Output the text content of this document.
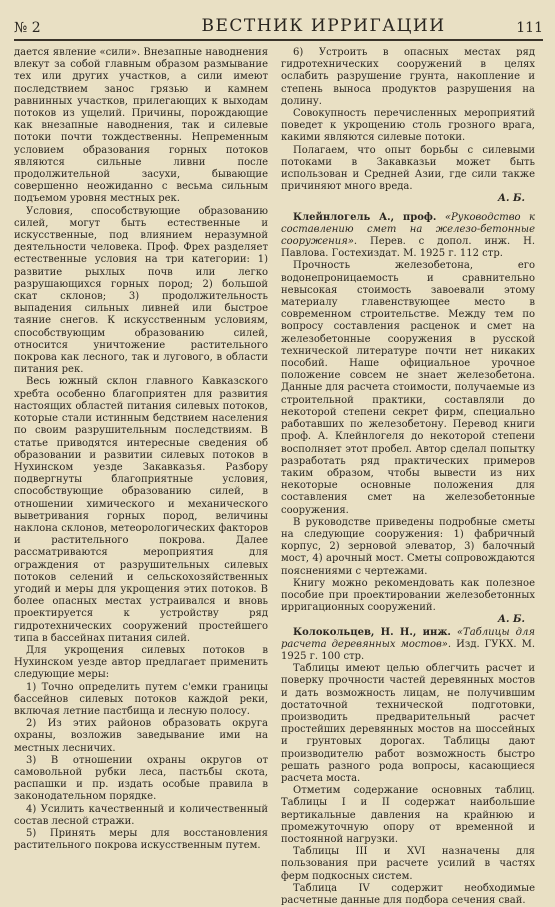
№ 2	ВЕСТНИК ИРРИГАЦИИ	111

дается явление «сили». Внезапные наводнения влекут за собой главным образом размывание тех или других участков, а сили имеют последствием занос грязью и камнем равнинных участков, прилегающих к выходам потоков из ущелий. Причины, порождающие как внезапные наводнения, так и силевые потоки почти тождественны. Непременным условием образования горных потоков являются сильные ливни после продолжительной засухи, бывающие совершенно неожиданно с весьма сильным подъемом уровня местных рек.

Условия, способствующие образованию силей, могут быть естественные и искусственные, под влиянием неразумной деятельности человека. Проф. Фрех разделяет естественные условия на три категории: 1) развитие рыхлых почв или легко разрушающихся горных пород; 2) большой скат склонов; 3) продолжительность выпадения сильных ливней или быстрое таяние снегов. К искусственным условиям, способствующим образованию силей, относится уничтожение растительного покрова как лесного, так и лугового, в области питания рек.

Весь южный склон главного Кавказского хребта особенно благоприятен для развития настоящих областей питания силевых потоков, которые стали истинным бедствием населения по своим разрушительным последствиям. В статье приводятся интересные сведения об образовании и развитии силевых потоков в Нухинском уезде Закавказья. Разбору подвергнуты благоприятные условия, способствующие образованию силей, в отношении химического и механического выветривания горных пород, величины наклона склонов, метеорологических факторов и растительного покрова. Далее рассматриваются мероприятия для ограждения от разрушительных силевых потоков селений и сельскохозяйственных угодий и меры для укрощения этих потоков. В более опасных местах устраивался и вновь проектируется к устройству ряд гидротехнических сооружений простейшего типа в бассейнах питания силей.

Для укрощения силевых потоков в Нухинском уезде автор предлагает применить следующие меры:

1) Точно определить путем с'емки границы бассейнов силевых потоков каждой реки, включая летние пастбища и лесную полосу.
2) Из этих районов образовать округа охраны, возложив заведывание ими на местных лесничих.
3) В отношении охраны округов от самовольной рубки леса, пастьбы скота, распашки и пр. издать особые правила в законодательном порядке.
4) Усилить качественный и количественный состав лесной стражи.
5) Принять меры для восстановления растительного покрова искусственным путем.
6) Устроить в опасных местах ряд гидротехнических сооружений в целях ослабить разрушение грунта, накопление и степень выноса продуктов разрушения на долину.

Совокупность перечисленных мероприятий поведет к укрощению столь грозного врага, какими являются силевые потоки.

Полагаем, что опыт борьбы с силевыми потоками в Закавказьи может быть использован и Средней Азии, где сили также причиняют много вреда.

А. Б.

Клейнлогель А., проф. «Руководство к составлению смет на железо-бетонные сооружения». Перев. с допол. инж. Н. Павлова. Гостехиздат. М. 1925 г. 112 стр.

Прочность железобетона, его водонепроницаемость и сравнительно невысокая стоимость завоевали этому материалу главенствующее место в современном строительстве. Между тем по вопросу составления расценок и смет на железобетонные сооружения в русской технической литературе почти нет никаких пособий. Наше официальное урочное положение совсем не знает железобетона. Данные для расчета стоимости, получаемые из строительной практики, составляли до некоторой степени секрет фирм, специально работавших по железобетону. Перевод книги проф. А. Клейнлогеля до некоторой степени восполняет этот пробел. Автор сделал попытку разработать ряд практических примеров таким образом, чтобы вывести из них некоторые основные положения для составления смет на железобетонные сооружения.

В руководстве приведены подробные сметы на следующие сооружения: 1) фабричный корпус, 2) зерновой элеватор, 3) балочный мост, 4) арочный мост. Сметы сопровождаются пояснениями с чертежами.

Книгу можно рекомендовать как полезное пособие при проектировании железобетонных ирригационных сооружений.

А. Б.

Колокольцев, Н. Н., инж. «Таблицы для расчета деревянных мостов». Изд. ГУКХ. М. 1925 г. 100 стр.

Таблицы имеют целью облегчить расчет и поверку прочности частей деревянных мостов и дать возможность лицам, не получившим достаточной технической подготовки, производить предварительный расчет простейших деревянных мостов на шоссейных и грунтовых дорогах. Таблицы дают производителю работ возможность быстро решать разного рода вопросы, касающиеся расчета моста.

Отметим содержание основных таблиц. Таблицы I и II содержат наибольшие вертикальные давления на крайнюю и промежуточную опору от временной и постоянной нагрузки.

Таблицы III и XVI назначены для пользования при расчете усилий в частях ферм подкосных систем.

Таблица IV содержит необходимые расчетные данные для подбора сечения свай.
